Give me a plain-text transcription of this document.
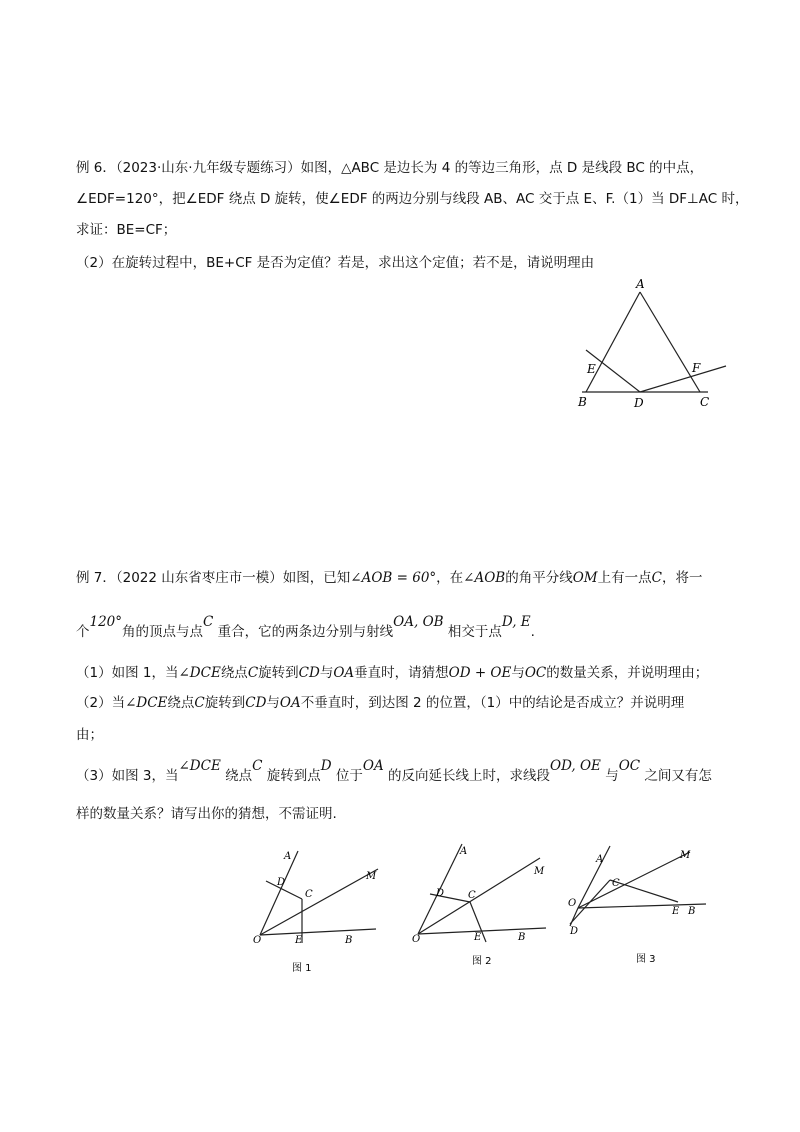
例 6．（2023·山东·九年级专题练习）如图，△ABC 是边长为 4 的等边三角形，点 D 是线段 BC 的中点，
∠EDF=120°，把∠EDF 绕点 D 旋转，使∠EDF 的两边分别与线段 AB、AC 交于点 E、F.（1）当 DF⊥AC 时，
求证：BE=CF；
（2）在旋转过程中，BE+CF 是否为定值？若是，求出这个定值；若不是，请说明理由
A
B	C
D
E	F
例 7．（2022 山东省枣庄市一模）如图，已知∠AOB = 60°，在∠AOB的角平分线OM上有一点C，将一
个120°角的顶点与点C 重合，它的两条边分别与射线OA, OB 相交于点D, E.
（1）如图 1，当∠DCE绕点C旋转到CD与OA垂直时，请猜想OD + OE与OC的数量关系，并说明理由；
（2）当∠DCE绕点C旋转到CD与OA不垂直时，到达图 2 的位置，（1）中的结论是否成立？并说明理
由；
（3）如图 3，当∠DCE 绕点C 旋转到点D 位于OA 的反向延长线上时，求线段OD, OE 与OC 之间又有怎
样的数量关系？请写出你的猜想，不需证明.
A
M
D
C
O	E	B
图 1
A
M
D C
O	E	B
图 2
A	M
C
O
D
E B
图 3
